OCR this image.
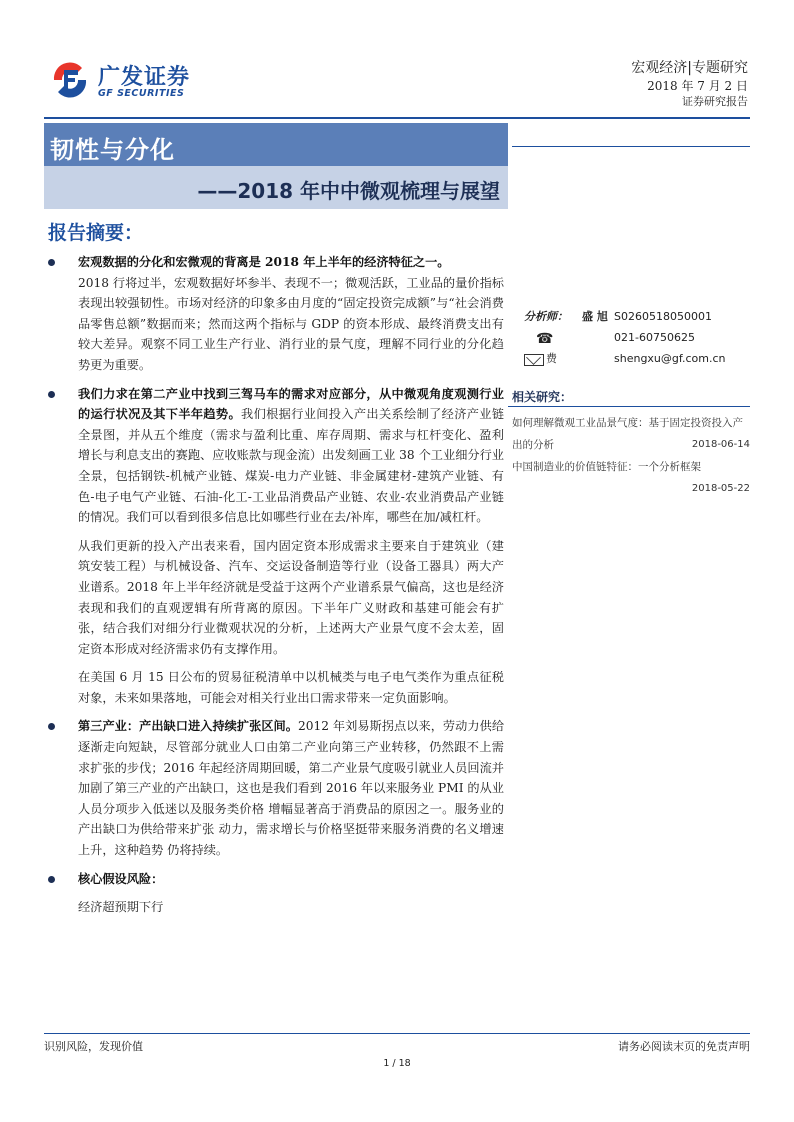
广发证券
GF SECURITIES
宏观经济|专题研究
2018 年 7 月 2 日
证券研究报告
韧性与分化
——2018 年中中微观梳理与展望
报告摘要：
宏观数据的分化和宏微观的背离是 2018 年上半年的经济特征之一。
2018 行将过半，宏观数据好坏参半、表现不一；微观活跃，工业品的量价指标表现出较强韧性。市场对经济的印象多由月度的“固定投资完成额”与“社会消费品零售总额”数据而来；然而这两个指标与 GDP 的资本形成、最终消费支出有较大差异。观察不同工业生产行业、消行业的景气度，理解不同行业的分化趋势更为重要。
我们力求在第二产业中找到三驾马车的需求对应部分，从中微观角度观测行业的运行状况及其下半年趋势。我们根据行业间投入产出关系绘制了经济产业链全景图，并从五个维度（需求与盈利比重、库存周期、需求与杠杆变化、盈利增长与利息支出的赛跑、应收账款与现金流）出发刻画工业 38 个工业细分行业全景，包括钢铁-机械产业链、煤炭-电力产业链、非金属建材-建筑产业链、有色-电子电气产业链、石油-化工-工业品消费品产业链、农业-农业消费品产业链的情况。我们可以看到很多信息比如哪些行业在去/补库，哪些在加/减杠杆。
从我们更新的投入产出表来看，国内固定资本形成需求主要来自于建筑业（建筑安装工程）与机械设备、汽车、交运设备制造等行业（设备工器具）两大产业谱系。2018 年上半年经济就是受益于这两个产业谱系景气偏高，这也是经济表现和我们的直观逻辑有所背离的原因。下半年广义财政和基建可能会有扩张，结合我们对细分行业微观状况的分析，上述两大产业景气度不会太差，固定资本形成对经济需求仍有支撑作用。
在美国 6 月 15 日公布的贸易征税清单中以机械类与电子电气类作为重点征税对象，未来如果落地，可能会对相关行业出口需求带来一定负面影响。
第三产业：产出缺口进入持续扩张区间。2012 年刘易斯拐点以来，劳动力供给逐渐走向短缺，尽管部分就业人口由第二产业向第三产业转移，仍然跟不上需求扩张的步伐；2016 年起经济周期回暖，第二产业景气度吸引就业人员回流并加剧了第三产业的产出缺口，这也是我们看到 2016 年以来服务业 PMI 的从业人员分项步入低迷以及服务类价格 增幅显著高于消费品的原因之一。服务业的产出缺口为供给带来扩张 动力，需求增长与价格坚挺带来服务消费的名义增速上升，这种趋势 仍将持续。
核心假设风险：
经济超预期下行
分析师： 盛 旭 S0260518050001
☎	021-60750625
费	shengxu@gf.com.cn
相关研究：
如何理解微观工业品景气度：基于固定投资投入产出的分析	2018-06-14
中国制造业的价值链特征：一个分析框架
2018-05-22
识别风险，发现价值	请务必阅读末页的免责声明
1 / 18
